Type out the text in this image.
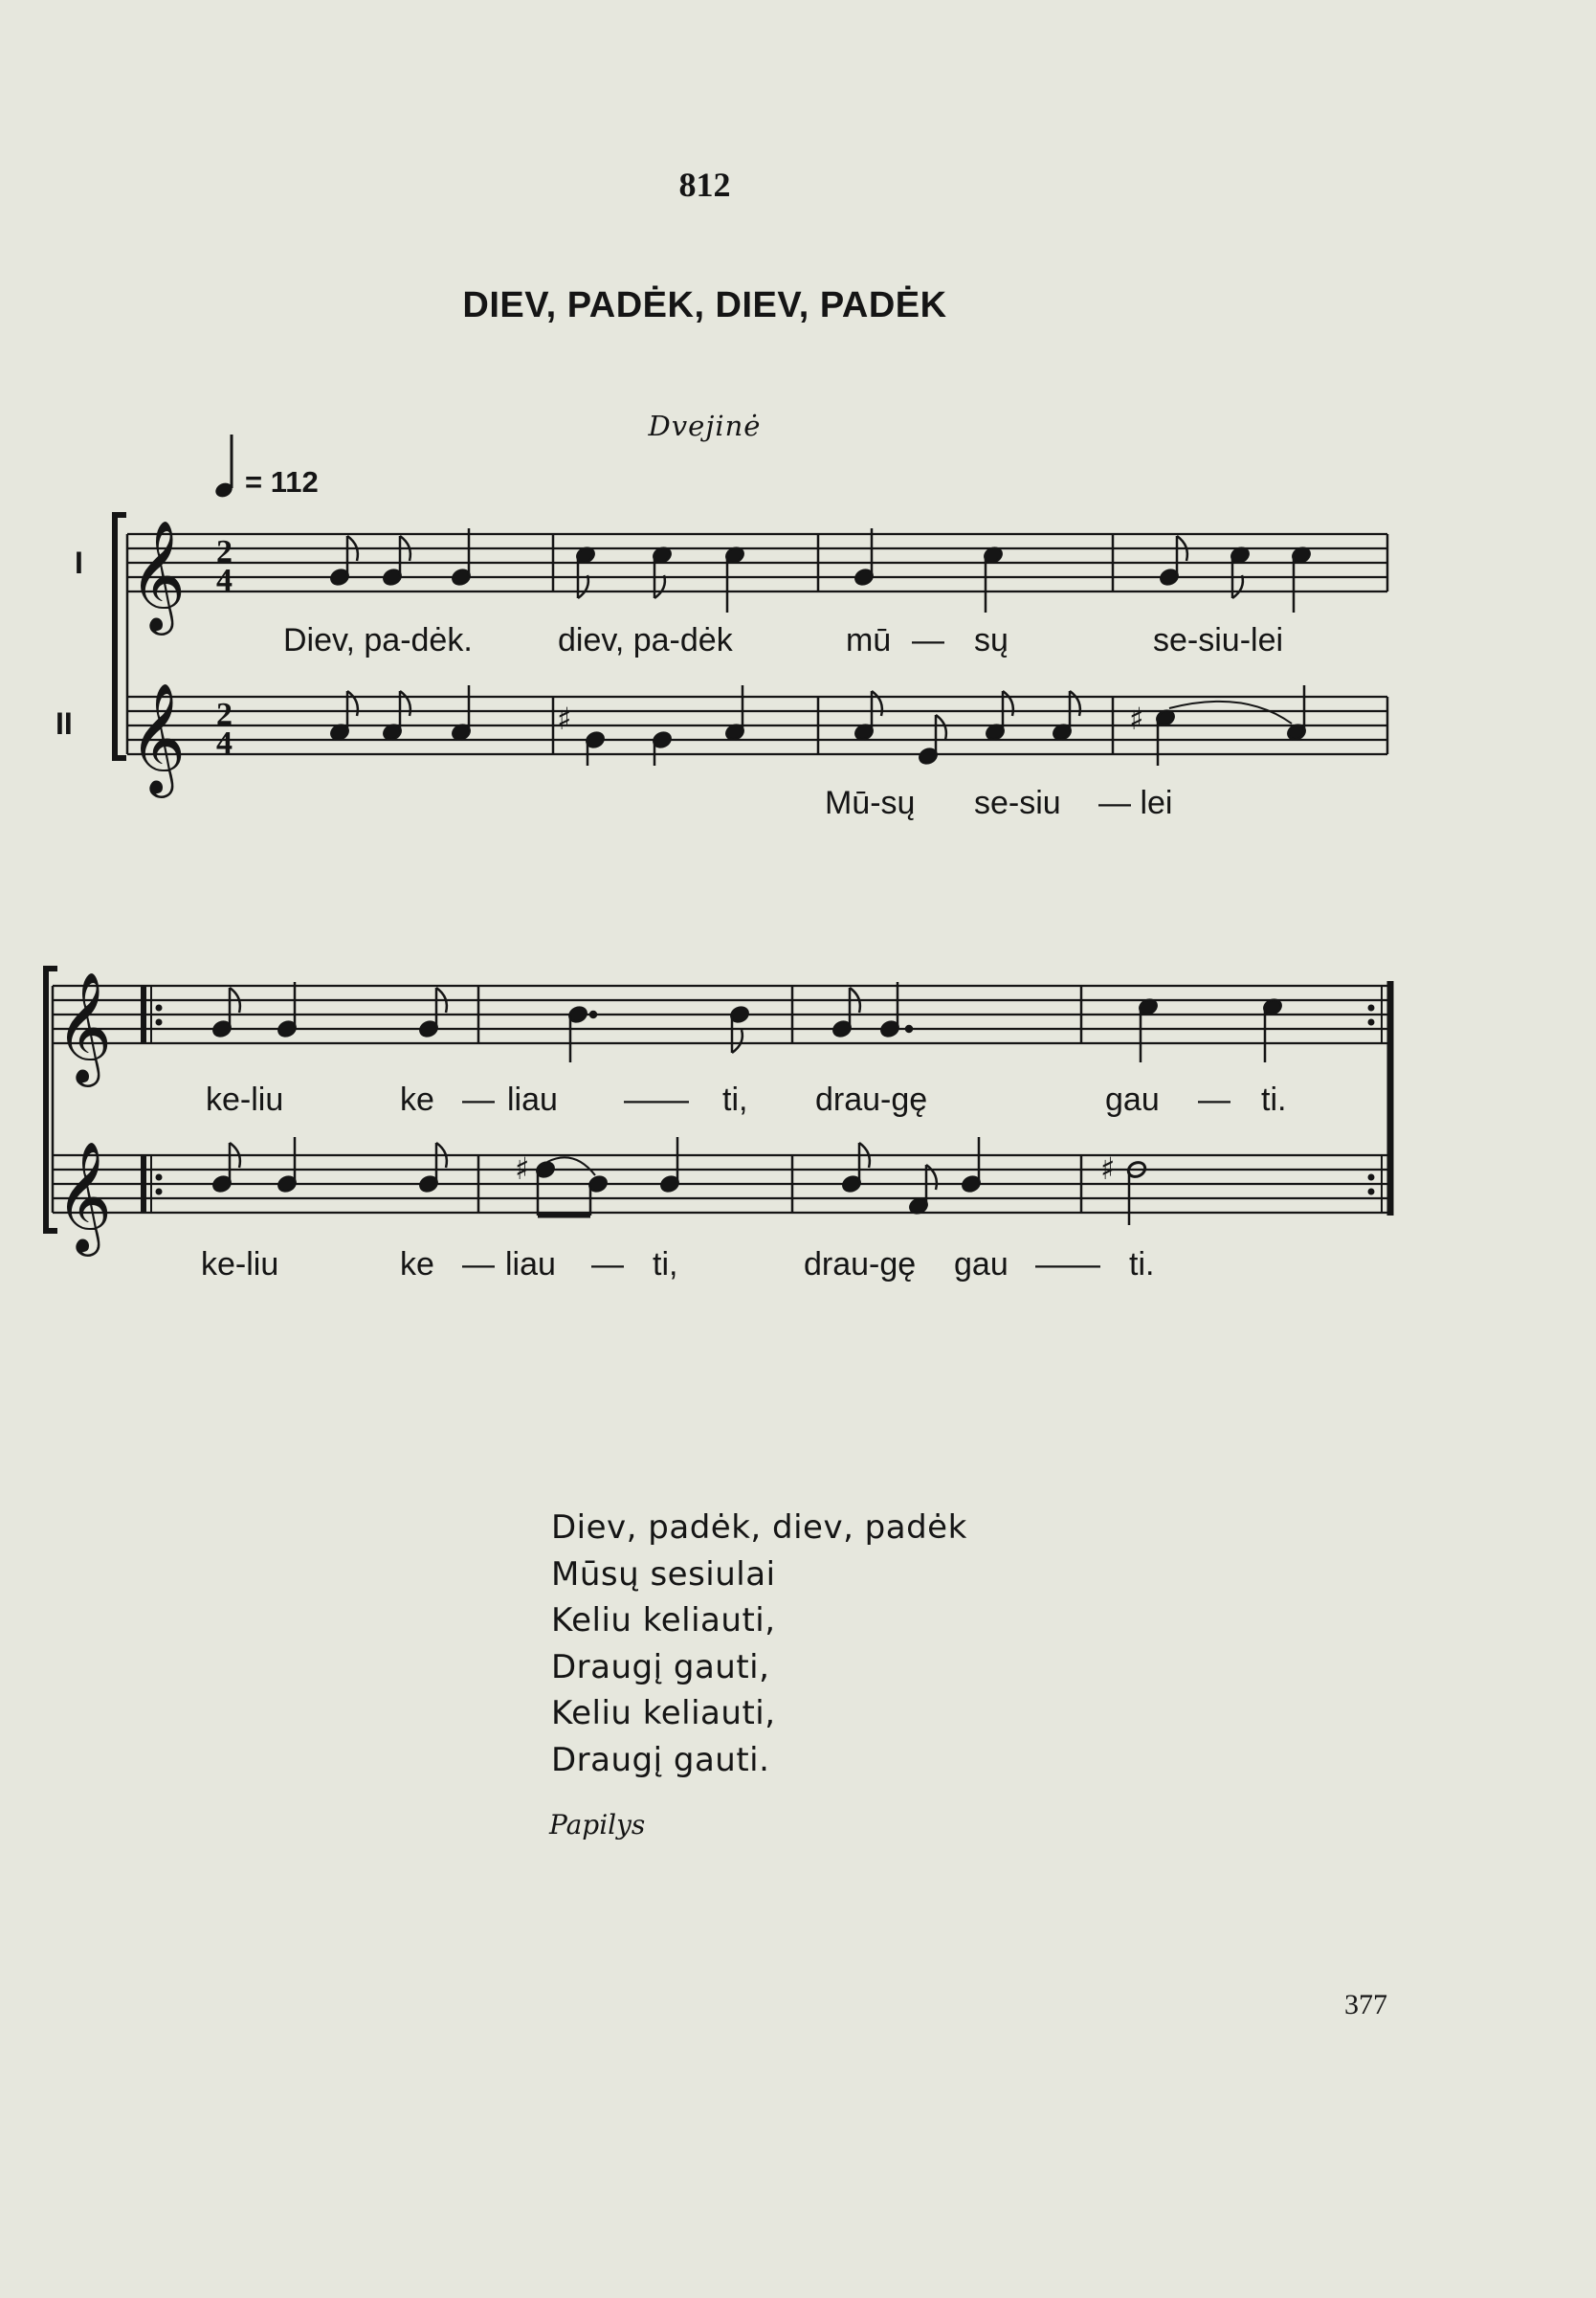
812
DIEV, PADĖK, DIEV, PADĖK
Dvejinė
= 112
I
II
𝄞
𝄞
𝄞
𝄞
2
4
2
4
♯	♯
♯	♯
Diev, pa-dėk.	diev, pa-dėk	mū — sų	se-siu-lei
Mū-sų se-siu — lei
ke-liu	ke — liau —— ti, drau-gę	gau — ti.
ke-liu	ke — liau — ti,	drau-gę gau —— ti.
Diev, padėk, diev, padėk
Mūsų sesiulai
Keliu keliauti,
Draugį gauti,
Keliu keliauti,
Draugį gauti.
Papilys
377
